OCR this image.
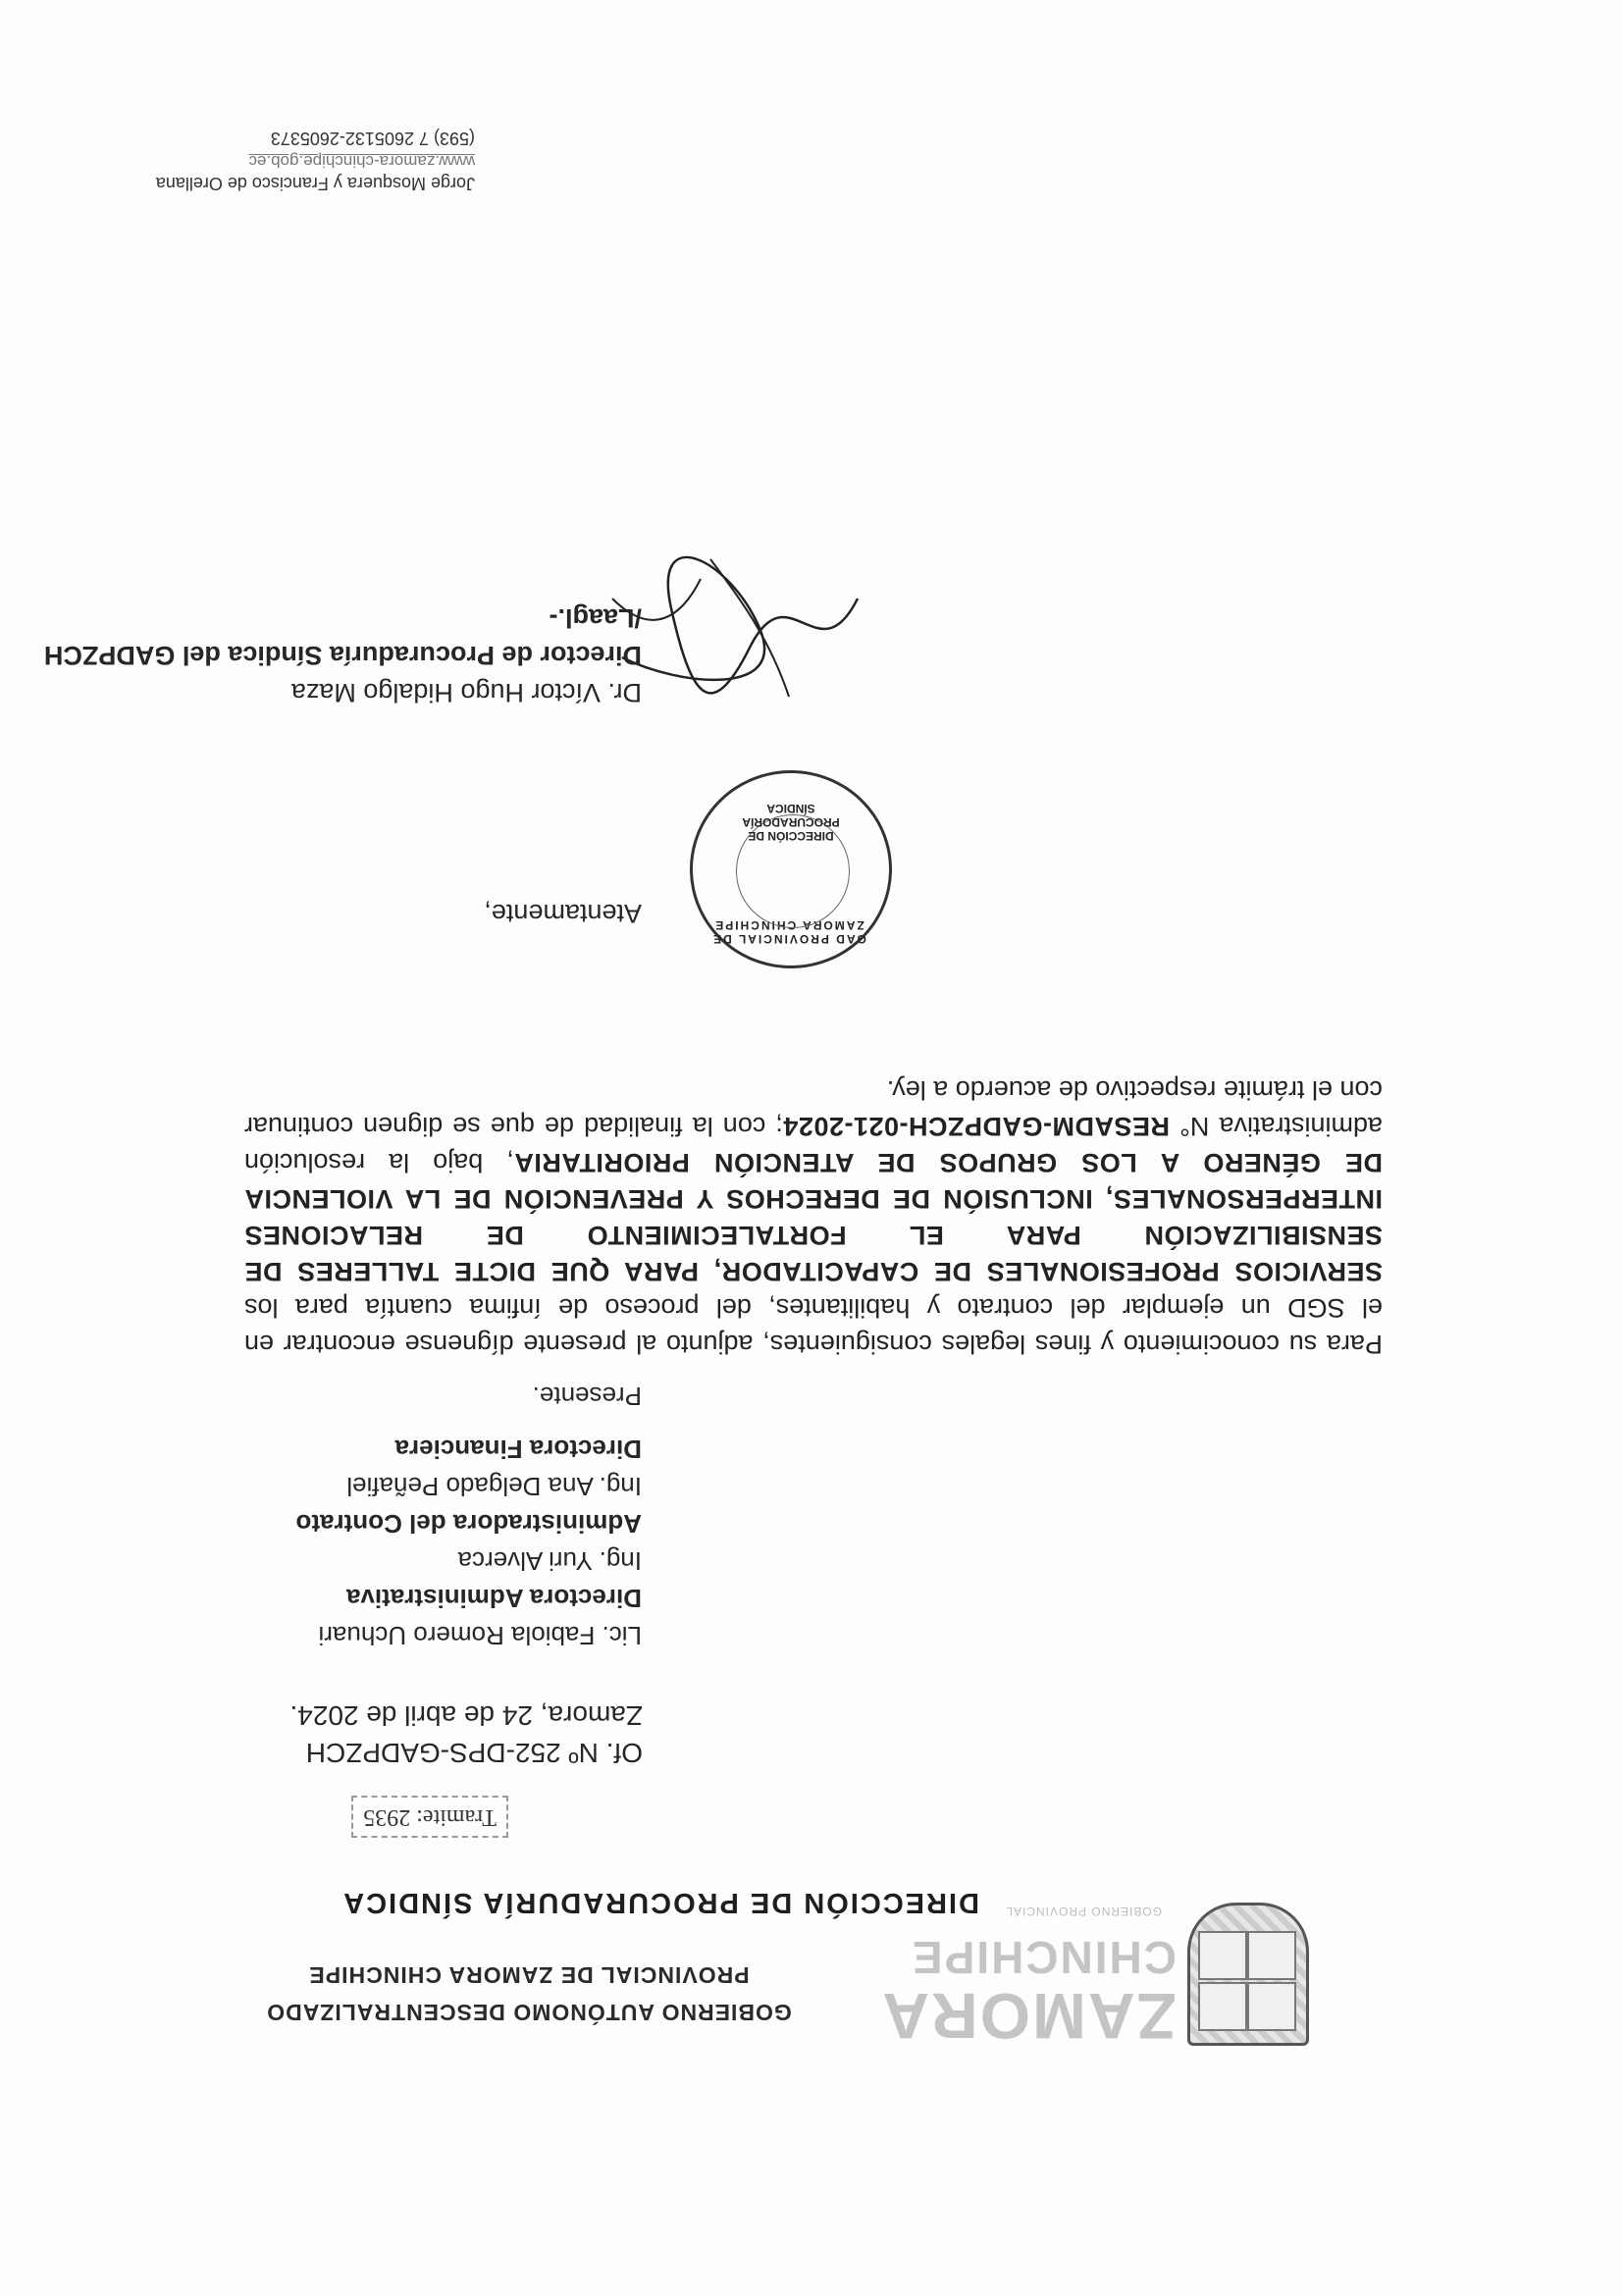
ZAMORA
CHINCHIPE
GOBIERNO PROVINCIAL
GOBIERNO AUTÓNOMO DESCENTRALIZADO
PROVINCIAL DE ZAMORA CHINCHIPE
DIRECCIÓN DE PROCURADURÍA SÍNDICA
Tramite: 2935
Of. Nº 252-DPS-GADPZCH
Zamora, 24 de abril de 2024.
Lic. Fabiola Romero Uchuari
Directora Administrativa
Ing. Yuri Alverca
Administradora del Contrato
Ing. Ana Delgado Peñafiel
Directora Financiera
Presente.
Para su conocimiento y fines legales consiguientes, adjunto al presente dígnense encontrar en el SGD un ejemplar del contrato y habilitantes, del proceso de ínfima cuantía para los SERVICIOS PROFESIONALES DE CAPACITADOR, PARA QUE DICTE TALLERES DE SENSIBILIZACIÓN PARA EL FORTALECIMIENTO DE RELACIONES INTERPERSONALES, INCLUSIÓN DE DERECHOS Y PREVENCIÓN DE LA VIOLENCIA DE GÉNERO A LOS GRUPOS DE ATENCIÓN PRIORITARIA, bajo la resolución administrativa N° RESADM-GADPZCH-021-2024; con la finalidad de que se dignen continuar con el trámite respectivo de acuerdo a ley.
Atentamente,
GAD PROVINCIAL DE ZAMORA CHINCHIPE
DIRECCIÓN DE
PROCURADORÍA
SÍNDICA
Dr. Víctor Hugo Hidalgo Maza
Director de Procuraduría Síndica del GADPZCH
/Laagl.-
Jorge Mosquera y Francisco de Orellana
www.zamora-chinchipe.gob.ec
(593) 7 2605132-2605373
